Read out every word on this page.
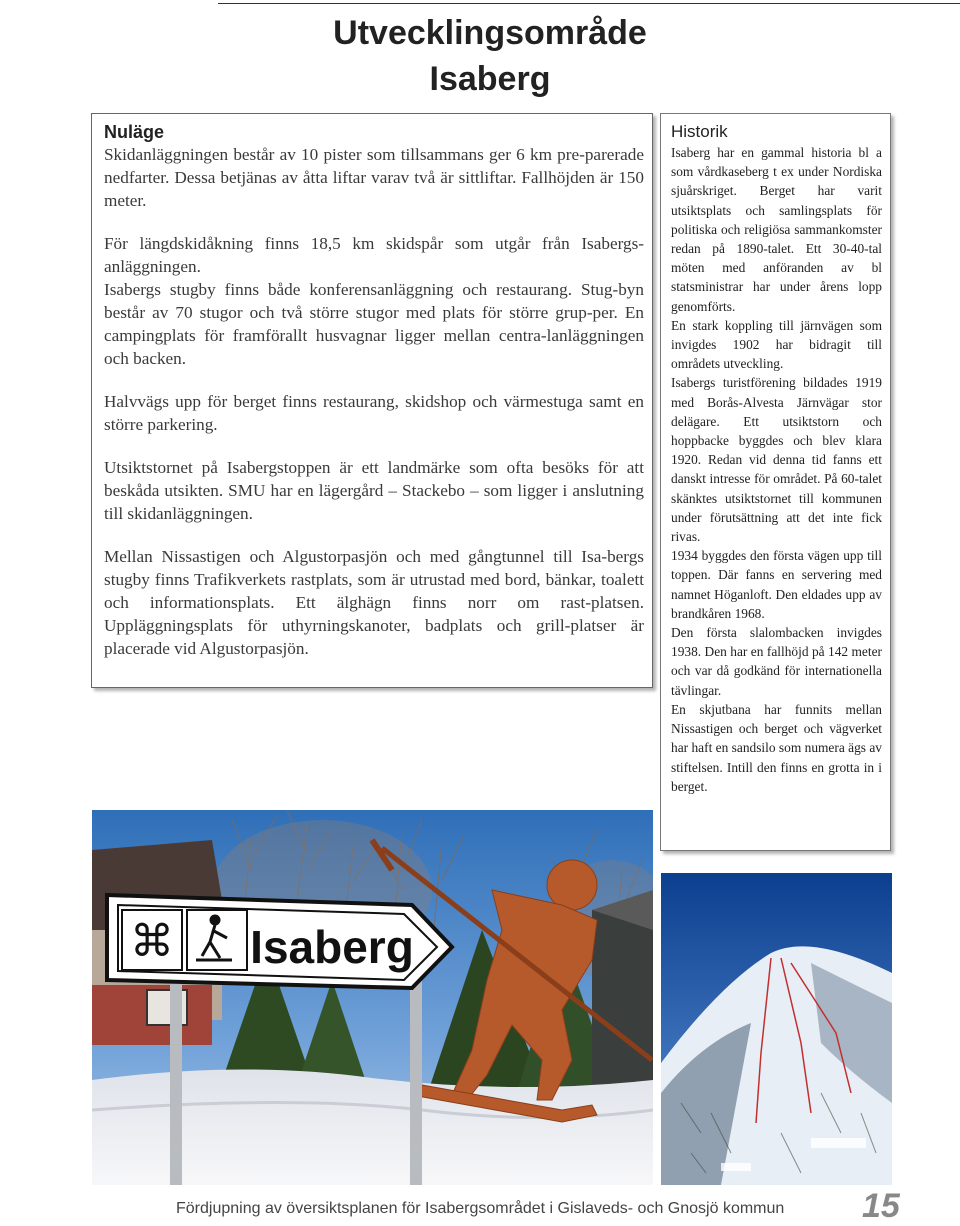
Utvecklingsområde
Isaberg
Nuläge

Skidanläggningen består av 10 pister som tillsammans ger 6 km pre-parerade nedfarter. Dessa betjänas av åtta liftar varav två är sittliftar. Fallhöjden är 150 meter.

För längdskidåkning finns 18,5 km skidspår som utgår från Isabergs-anläggningen.

Isabergs stugby finns både konferensanläggning och restaurang. Stug-byn består av 70 stugor och två större stugor med plats för större grup-per. En campingplats för framförallt husvagnar ligger mellan centra-lanläggningen och backen.

Halvvägs upp för berget finns restaurang, skidshop och värmestuga samt en större parkering.

Utsiktstornet på Isabergstoppen är ett landmärke som ofta besöks för att beskåda utsikten. SMU har en lägergård – Stackebo – som ligger i anslutning till skidanläggningen.

Mellan Nissastigen och Algustorpasjön och med gångtunnel till Isa-bergs stugby finns Trafikverkets rastplats, som är utrustad med bord, bänkar, toalett och informationsplats. Ett älghägn finns norr om rast-platsen. Uppläggningsplats för uthyrningskanoter, badplats och grill-platser är placerade vid Algustorpasjön.

Historik

Isaberg har en gammal historia bl a som vårdkaseberg t ex under Nordiska sjuårskriget. Berget har varit utsiktsplats och samlingsplats för politiska och religiösa sammankomster redan på 1890-talet. Ett 30-40-tal möten med anföranden av bl statsministrar har under årens lopp genomförts.

En stark koppling till järnvägen som invigdes 1902 har bidragit till områdets utveckling.

Isabergs turistförening bildades 1919 med Borås-Alvesta Järnvägar stor delägare. Ett utsiktstorn och hoppbacke byggdes och blev klara 1920. Redan vid denna tid fanns ett danskt intresse för området. På 60-talet skänktes utsiktstornet till kommunen under förutsättning att det inte fick rivas.

1934 byggdes den första vägen upp till toppen. Där fanns en servering med namnet Höganloft. Den eldades upp av brandkåren 1968.

Den första slalombacken invigdes 1938. Den har en fallhöjd på 142 meter och var då godkänd för internationella tävlingar.

En skjutbana har funnits mellan Nissastigen och berget och vägverket har haft en sandsilo som numera ägs av stiftelsen. Intill den finns en grotta in i berget.

⌘ Isaberg
Fördjupning av översiktsplanen för Isabergsområdet i Gislaveds- och Gnosjö kommun 15
